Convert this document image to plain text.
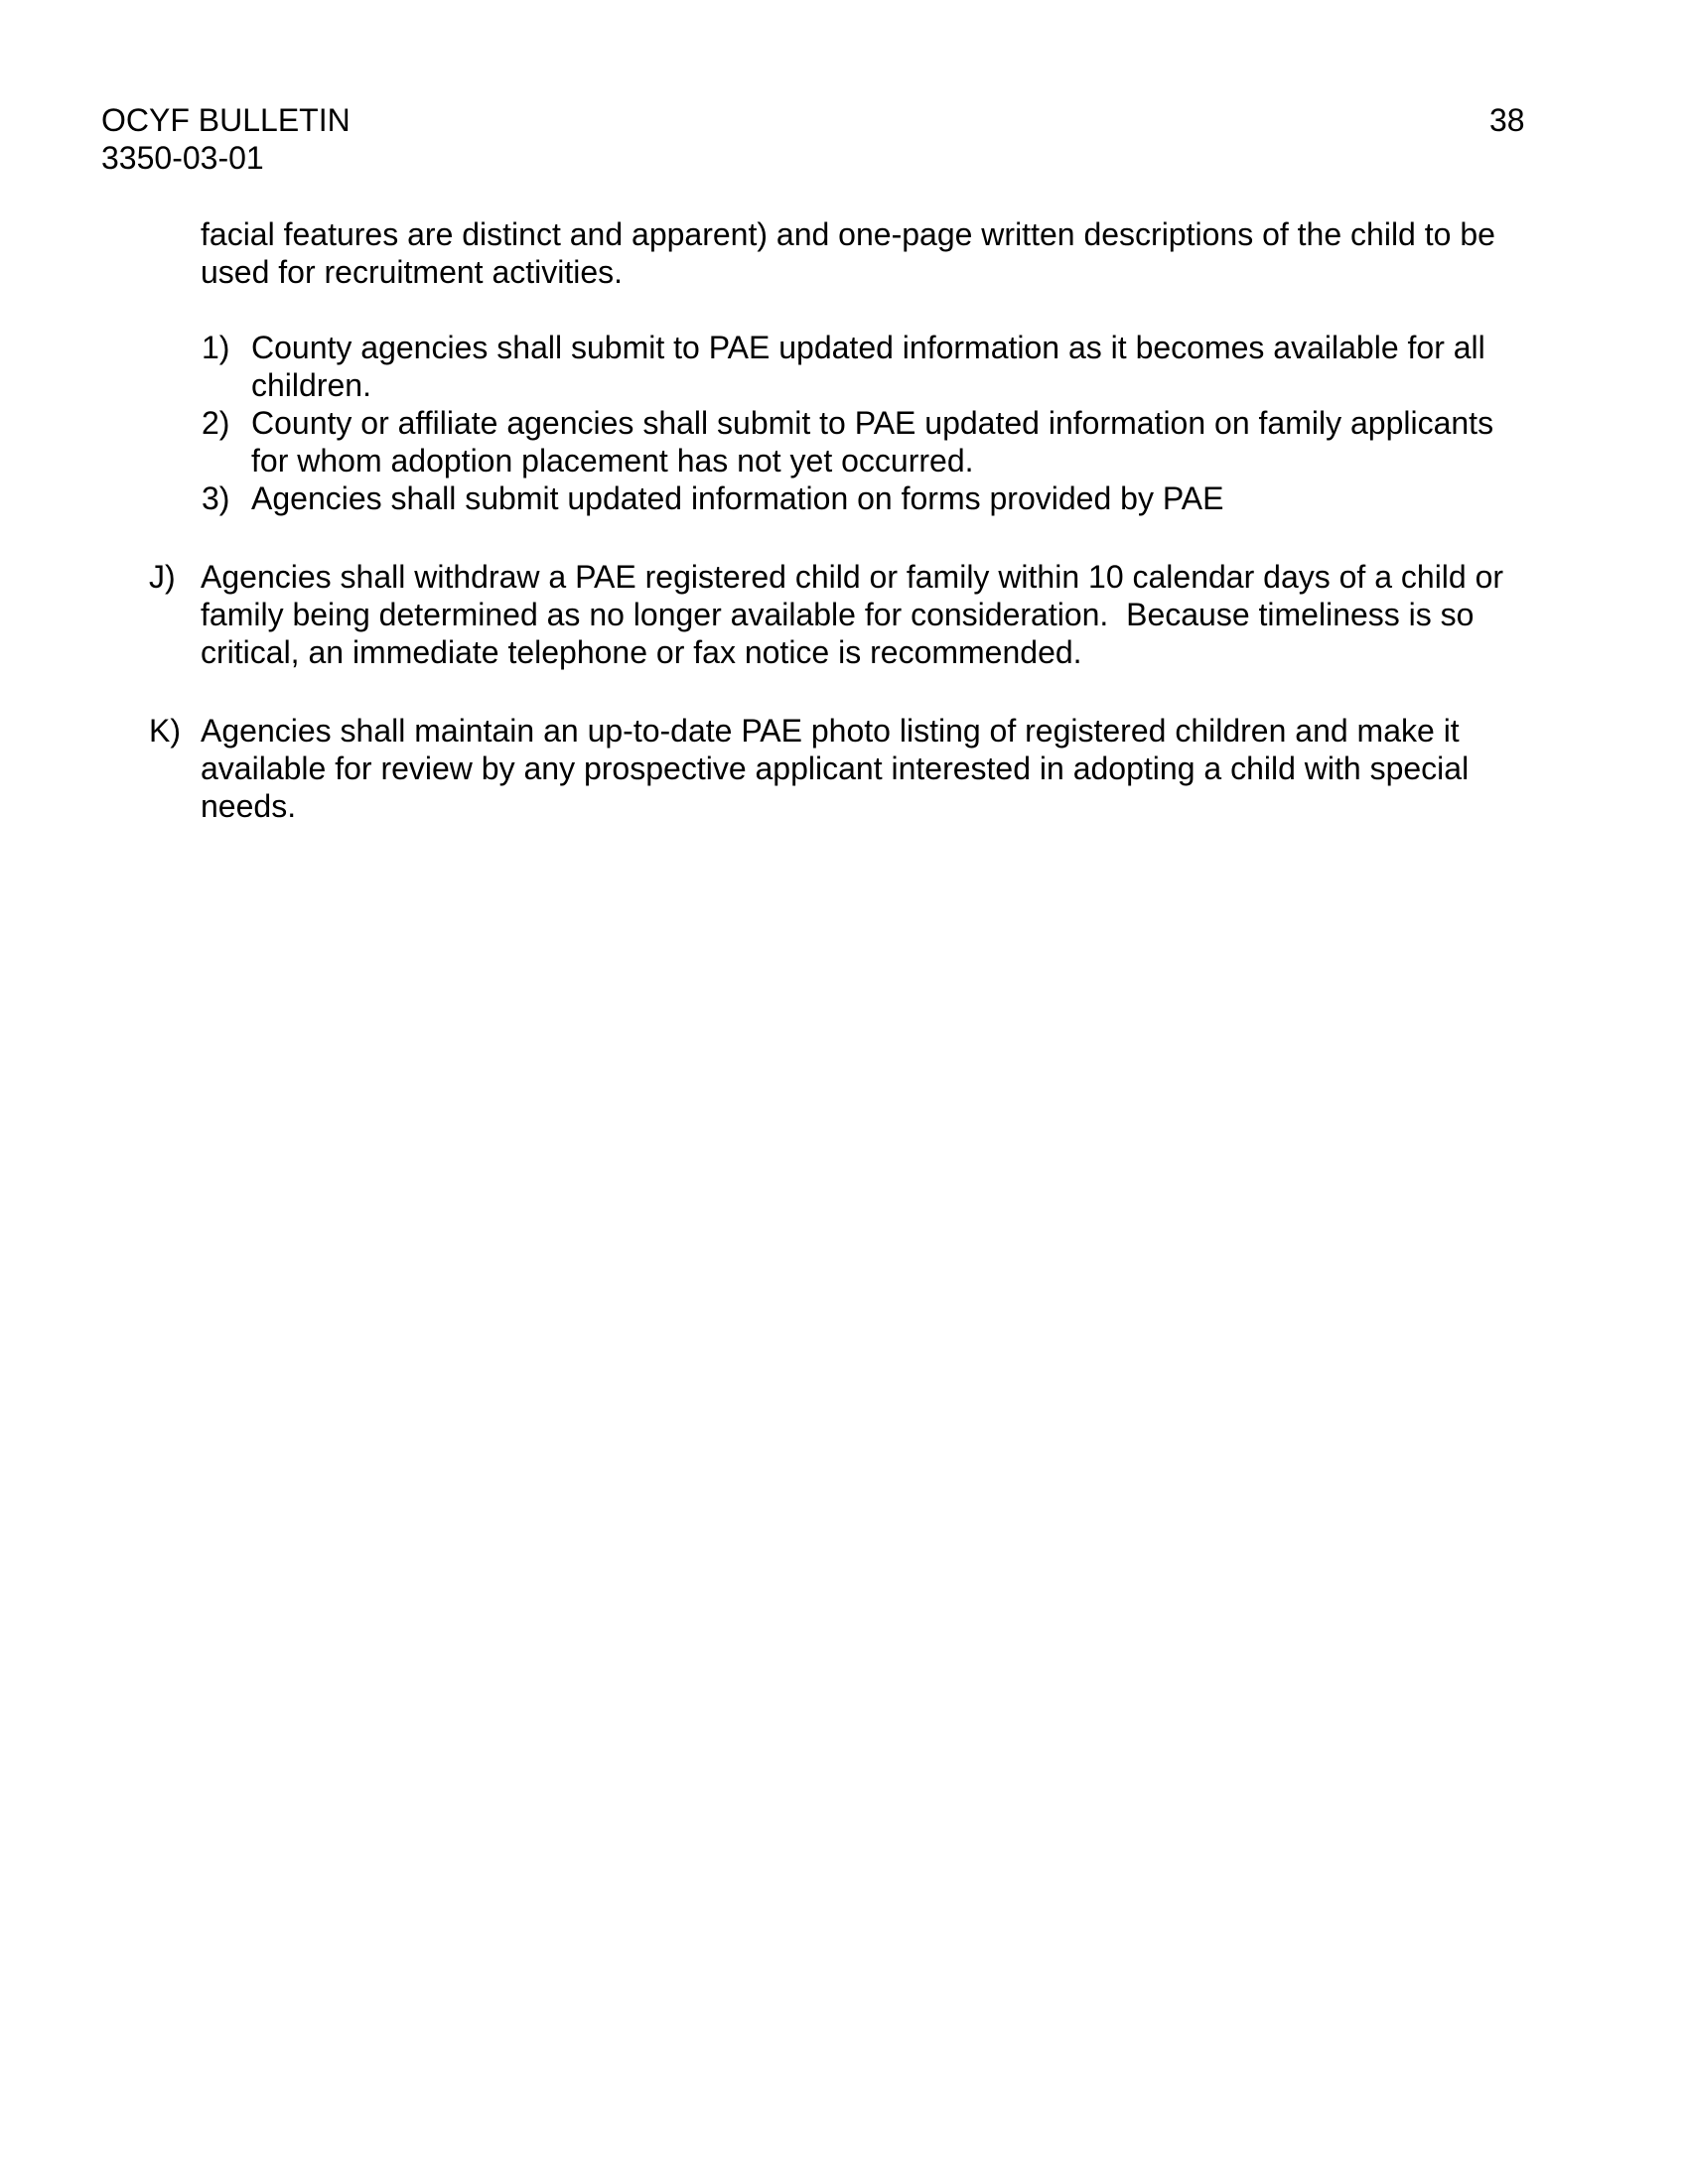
OCYF BULLETIN
3350-03-01
38
facial features are distinct and apparent) and one-page written descriptions of the child to be
used for recruitment activities.
1) County agencies shall submit to PAE updated information as it becomes available for all
children.
2) County or affiliate agencies shall submit to PAE updated information on family applicants
for whom adoption placement has not yet occurred.
3) Agencies shall submit updated information on forms provided by PAE
J) Agencies shall withdraw a PAE registered child or family within 10 calendar days of a child or
family being determined as no longer available for consideration.  Because timeliness is so
critical, an immediate telephone or fax notice is recommended.
K) Agencies shall maintain an up-to-date PAE photo listing of registered children and make it
available for review by any prospective applicant interested in adopting a child with special
needs.
